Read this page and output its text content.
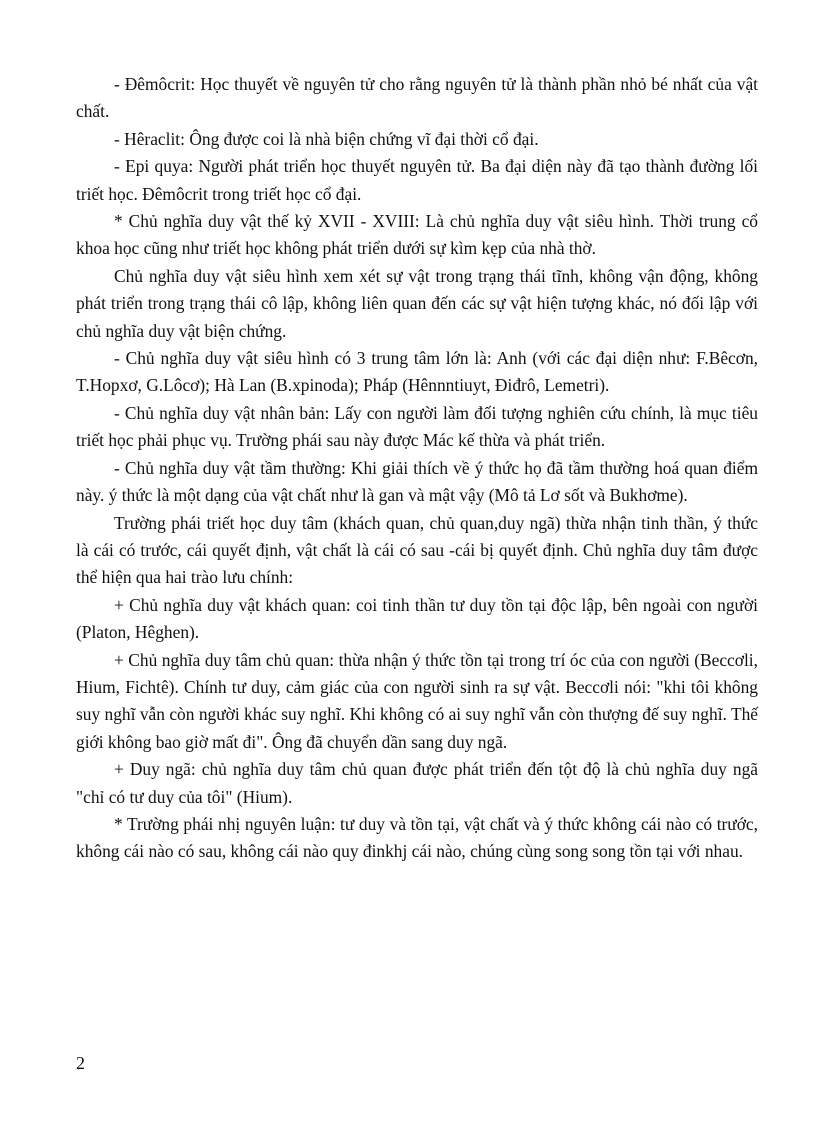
- Đêmôcrit: Học thuyết về nguyên tử cho rằng nguyên tử là thành phần nhỏ bé nhất của vật chất.

- Hêraclit: Ông được coi là nhà biện chứng vĩ đại thời cổ đại.

- Epi quya: Người phát triển học thuyết nguyên tử. Ba đại diện này đã tạo thành đường lối triết học. Đêmôcrit trong triết học cổ đại.

* Chủ nghĩa duy vật thế kỷ XVII - XVIII: Là chủ nghĩa duy vật siêu hình. Thời trung cổ khoa học cũng như triết học không phát triển dưới sự kìm kẹp của nhà thờ.

Chủ nghĩa duy vật siêu hình xem xét sự vật trong trạng thái tĩnh, không vận động, không phát triển trong trạng thái cô lập, không liên quan đến các sự vật hiện tượng khác, nó đối lập với chủ nghĩa duy vật biện chứng.

- Chủ nghĩa duy vật siêu hình có 3 trung tâm lớn là: Anh (với các đại diện như: F.Bêcơn, T.Hopxơ, G.Lôcơ); Hà Lan (B.xpinoda); Pháp (Hênnntiuyt, Điđrô, Lemetri).

- Chủ nghĩa duy vật nhân bản: Lấy con người làm đối tượng nghiên cứu chính, là mục tiêu triết học phải phục vụ. Trường phái sau này được Mác kế thừa và phát triển.

- Chủ nghĩa duy vật tầm thường: Khi giải thích về ý thức họ đã tầm thường hoá quan điểm này. ý thức là một dạng của vật chất như là gan và mật vậy (Mô tả Lơ sốt và Bukhơme).

Trường phái triết học duy tâm (khách quan, chủ quan,duy ngã) thừa nhận tinh thần, ý thức là cái có trước, cái quyết định, vật chất là cái có sau -cái bị quyết định. Chủ nghĩa duy tâm được thể hiện qua hai trào lưu chính:

+ Chủ nghĩa duy vật khách quan: coi tinh thần tư duy tồn tại độc lập, bên ngoài con người (Platon, Hêghen).

+ Chủ nghĩa duy tâm chủ quan: thừa nhận ý thức tồn tại trong trí óc của con người (Beccơli, Hium, Fichtê). Chính tư duy, cảm giác của con người sinh ra sự vật. Beccơli nói: "khi tôi không suy nghĩ vẫn còn người khác suy nghĩ. Khi không có ai suy nghĩ vẫn còn thượng đế suy nghĩ. Thế giới không bao giờ mất đi". Ông đã chuyển dần sang duy ngã.

+ Duy ngã: chủ nghĩa duy tâm chủ quan được phát triển đến tột độ là chủ nghĩa duy ngã "chỉ có tư duy của tôi" (Hium).

* Trường phái nhị nguyên luận: tư duy và tồn tại, vật chất và ý thức không cái nào có trước, không cái nào có sau, không cái nào quy đinkhj cái nào, chúng cùng song song tồn tại với nhau.

2
